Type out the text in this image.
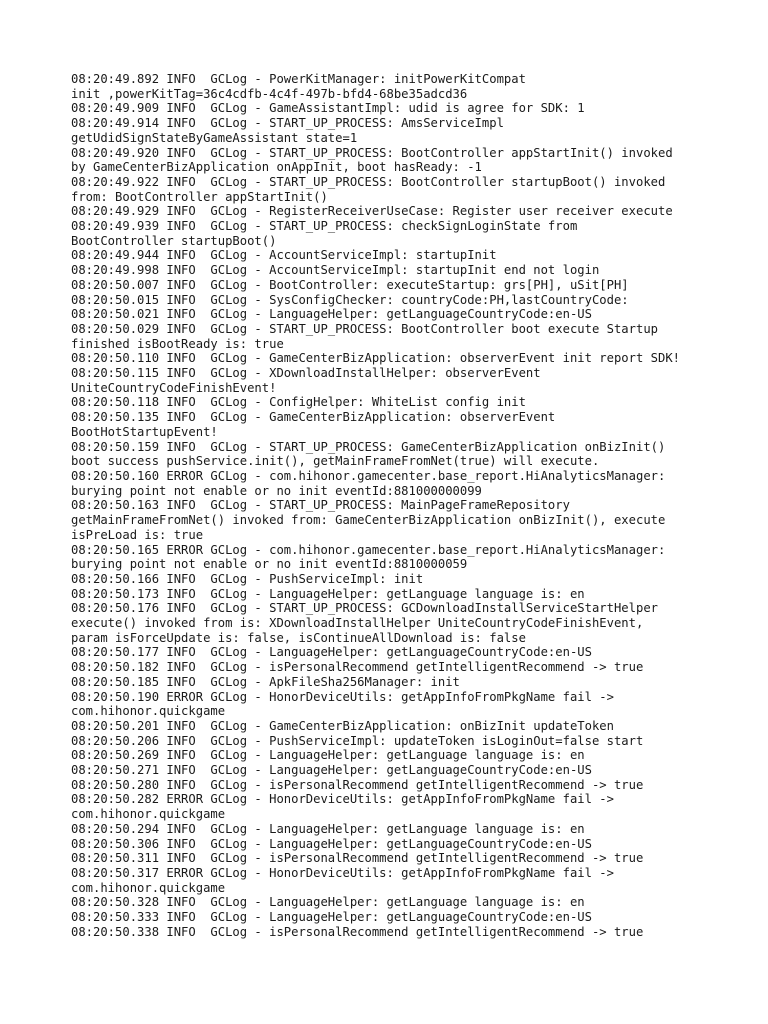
08:20:49.892 INFO  GCLog - PowerKitManager: initPowerKitCompat
init ,powerKitTag=36c4cdfb-4c4f-497b-bfd4-68be35adcd36
08:20:49.909 INFO  GCLog - GameAssistantImpl: udid is agree for SDK: 1
08:20:49.914 INFO  GCLog - START_UP_PROCESS: AmsServiceImpl
getUdidSignStateByGameAssistant state=1
08:20:49.920 INFO  GCLog - START_UP_PROCESS: BootController appStartInit() invoked
by GameCenterBizApplication onAppInit, boot hasReady: -1
08:20:49.922 INFO  GCLog - START_UP_PROCESS: BootController startupBoot() invoked
from: BootController appStartInit()
08:20:49.929 INFO  GCLog - RegisterReceiverUseCase: Register user receiver execute
08:20:49.939 INFO  GCLog - START_UP_PROCESS: checkSignLoginState from
BootController startupBoot()
08:20:49.944 INFO  GCLog - AccountServiceImpl: startupInit
08:20:49.998 INFO  GCLog - AccountServiceImpl: startupInit end not login
08:20:50.007 INFO  GCLog - BootController: executeStartup: grs[PH], uSit[PH]
08:20:50.015 INFO  GCLog - SysConfigChecker: countryCode:PH,lastCountryCode:
08:20:50.021 INFO  GCLog - LanguageHelper: getLanguageCountryCode:en-US
08:20:50.029 INFO  GCLog - START_UP_PROCESS: BootController boot execute Startup
finished isBootReady is: true
08:20:50.110 INFO  GCLog - GameCenterBizApplication: observerEvent init report SDK!
08:20:50.115 INFO  GCLog - XDownloadInstallHelper: observerEvent
UniteCountryCodeFinishEvent!
08:20:50.118 INFO  GCLog - ConfigHelper: WhiteList config init
08:20:50.135 INFO  GCLog - GameCenterBizApplication: observerEvent
BootHotStartupEvent!
08:20:50.159 INFO  GCLog - START_UP_PROCESS: GameCenterBizApplication onBizInit()
boot success pushService.init(), getMainFrameFromNet(true) will execute.
08:20:50.160 ERROR GCLog - com.hihonor.gamecenter.base_report.HiAnalyticsManager:
burying point not enable or no init eventId:881000000099
08:20:50.163 INFO  GCLog - START_UP_PROCESS: MainPageFrameRepository
getMainFrameFromNet() invoked from: GameCenterBizApplication onBizInit(), execute
isPreLoad is: true
08:20:50.165 ERROR GCLog - com.hihonor.gamecenter.base_report.HiAnalyticsManager:
burying point not enable or no init eventId:8810000059
08:20:50.166 INFO  GCLog - PushServiceImpl: init
08:20:50.173 INFO  GCLog - LanguageHelper: getLanguage language is: en
08:20:50.176 INFO  GCLog - START_UP_PROCESS: GCDownloadInstallServiceStartHelper
execute() invoked from is: XDownloadInstallHelper UniteCountryCodeFinishEvent,
param isForceUpdate is: false, isContinueAllDownload is: false
08:20:50.177 INFO  GCLog - LanguageHelper: getLanguageCountryCode:en-US
08:20:50.182 INFO  GCLog - isPersonalRecommend getIntelligentRecommend -> true
08:20:50.185 INFO  GCLog - ApkFileSha256Manager: init
08:20:50.190 ERROR GCLog - HonorDeviceUtils: getAppInfoFromPkgName fail ->
com.hihonor.quickgame
08:20:50.201 INFO  GCLog - GameCenterBizApplication: onBizInit updateToken
08:20:50.206 INFO  GCLog - PushServiceImpl: updateToken isLoginOut=false start
08:20:50.269 INFO  GCLog - LanguageHelper: getLanguage language is: en
08:20:50.271 INFO  GCLog - LanguageHelper: getLanguageCountryCode:en-US
08:20:50.280 INFO  GCLog - isPersonalRecommend getIntelligentRecommend -> true
08:20:50.282 ERROR GCLog - HonorDeviceUtils: getAppInfoFromPkgName fail ->
com.hihonor.quickgame
08:20:50.294 INFO  GCLog - LanguageHelper: getLanguage language is: en
08:20:50.306 INFO  GCLog - LanguageHelper: getLanguageCountryCode:en-US
08:20:50.311 INFO  GCLog - isPersonalRecommend getIntelligentRecommend -> true
08:20:50.317 ERROR GCLog - HonorDeviceUtils: getAppInfoFromPkgName fail ->
com.hihonor.quickgame
08:20:50.328 INFO  GCLog - LanguageHelper: getLanguage language is: en
08:20:50.333 INFO  GCLog - LanguageHelper: getLanguageCountryCode:en-US
08:20:50.338 INFO  GCLog - isPersonalRecommend getIntelligentRecommend -> true
